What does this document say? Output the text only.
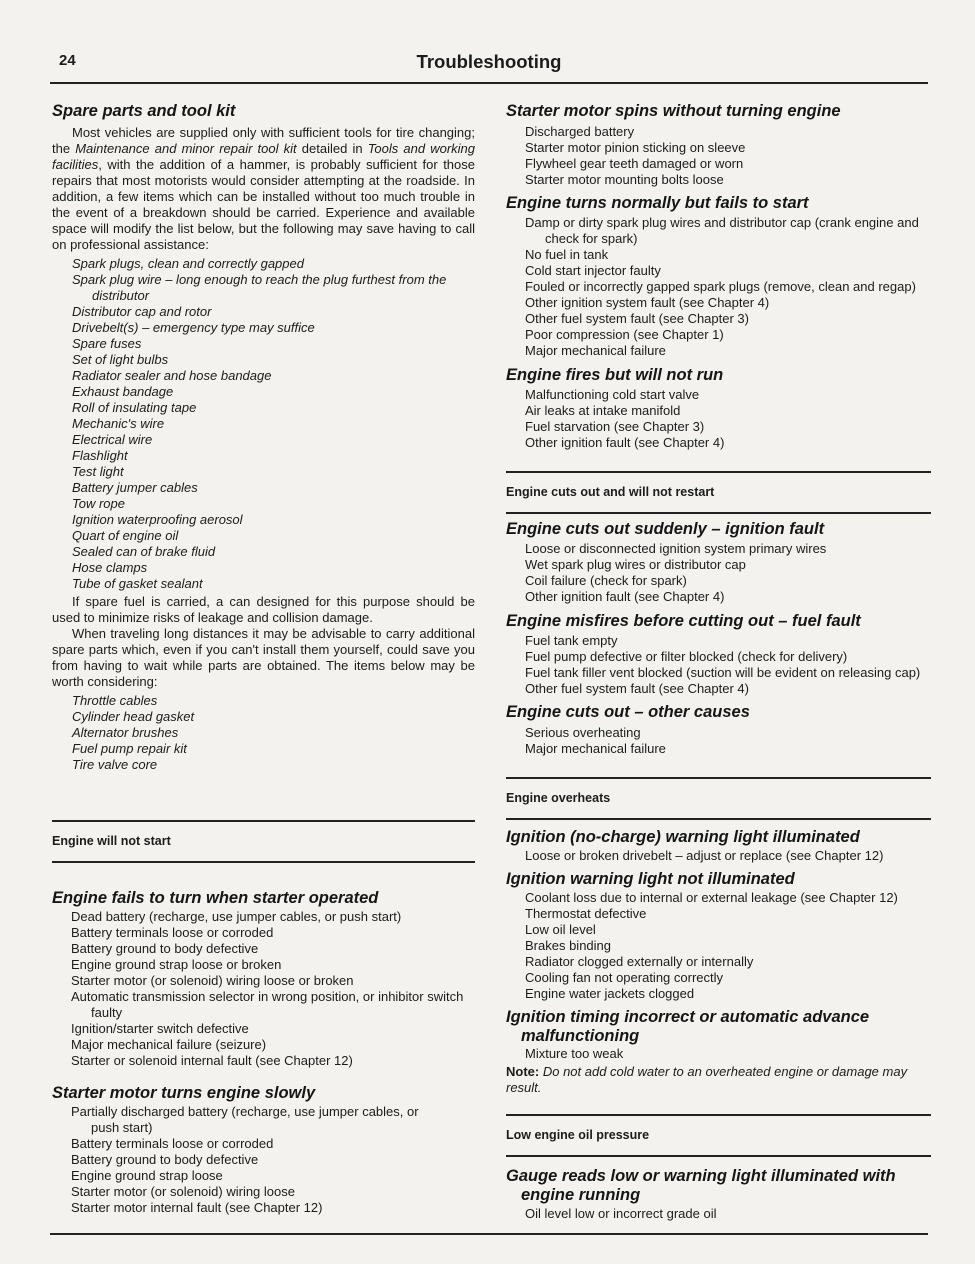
24	Troubleshooting
Spare parts and tool kit

Most vehicles are supplied only with sufficient tools for tire changing; the Maintenance and minor repair tool kit detailed in Tools and working facilities, with the addition of a hammer, is probably sufficient for those repairs that most motorists would consider attempting at the roadside. In addition, a few items which can be installed without too much trouble in the event of a breakdown should be carried. Experience and available space will modify the list below, but the following may save having to call on professional assistance:

Spark plugs, clean and correctly gapped
Spark plug wire – long enough to reach the plug furthest from the distributor
Distributor cap and rotor
Drivebelt(s) – emergency type may suffice
Spare fuses
Set of light bulbs
Radiator sealer and hose bandage
Exhaust bandage
Roll of insulating tape
Mechanic's wire
Electrical wire
Flashlight
Test light
Battery jumper cables
Tow rope
Ignition waterproofing aerosol
Quart of engine oil
Sealed can of brake fluid
Hose clamps
Tube of gasket sealant

If spare fuel is carried, a can designed for this purpose should be used to minimize risks of leakage and collision damage.

When traveling long distances it may be advisable to carry additional spare parts which, even if you can't install them yourself, could save you from having to wait while parts are obtained. The items below may be worth considering:

Throttle cables
Cylinder head gasket
Alternator brushes
Fuel pump repair kit
Tire valve core
Engine will not start
Engine fails to turn when starter operated
Dead battery (recharge, use jumper cables, or push start)
Battery terminals loose or corroded
Battery ground to body defective
Engine ground strap loose or broken
Starter motor (or solenoid) wiring loose or broken
Automatic transmission selector in wrong position, or inhibitor switch faulty
Ignition/starter switch defective
Major mechanical failure (seizure)
Starter or solenoid internal fault (see Chapter 12)
Starter motor turns engine slowly
Partially discharged battery (recharge, use jumper cables, or push start)
Battery terminals loose or corroded
Battery ground to body defective
Engine ground strap loose
Starter motor (or solenoid) wiring loose
Starter motor internal fault (see Chapter 12)
Starter motor spins without turning engine
Discharged battery
Starter motor pinion sticking on sleeve
Flywheel gear teeth damaged or worn
Starter motor mounting bolts loose
Engine turns normally but fails to start
Damp or dirty spark plug wires and distributor cap (crank engine and check for spark)
No fuel in tank
Cold start injector faulty
Fouled or incorrectly gapped spark plugs (remove, clean and regap)
Other ignition system fault (see Chapter 4)
Other fuel system fault (see Chapter 3)
Poor compression (see Chapter 1)
Major mechanical failure
Engine fires but will not run
Malfunctioning cold start valve
Air leaks at intake manifold
Fuel starvation (see Chapter 3)
Other ignition fault (see Chapter 4)
Engine cuts out and will not restart
Engine cuts out suddenly – ignition fault
Loose or disconnected ignition system primary wires
Wet spark plug wires or distributor cap
Coil failure (check for spark)
Other ignition fault (see Chapter 4)
Engine misfires before cutting out – fuel fault
Fuel tank empty
Fuel pump defective or filter blocked (check for delivery)
Fuel tank filler vent blocked (suction will be evident on releasing cap)
Other fuel system fault (see Chapter 4)
Engine cuts out – other causes
Serious overheating
Major mechanical failure
Engine overheats
Ignition (no-charge) warning light illuminated
Loose or broken drivebelt – adjust or replace (see Chapter 12)
Ignition warning light not illuminated
Coolant loss due to internal or external leakage (see Chapter 12)
Thermostat defective
Low oil level
Brakes binding
Radiator clogged externally or internally
Cooling fan not operating correctly
Engine water jackets clogged
Ignition timing incorrect or automatic advance
malfunctioning
Mixture too weak

Note: Do not add cold water to an overheated engine or damage may result.

Low engine oil pressure
Gauge reads low or warning light illuminated with
engine running
Oil level low or incorrect grade oil
